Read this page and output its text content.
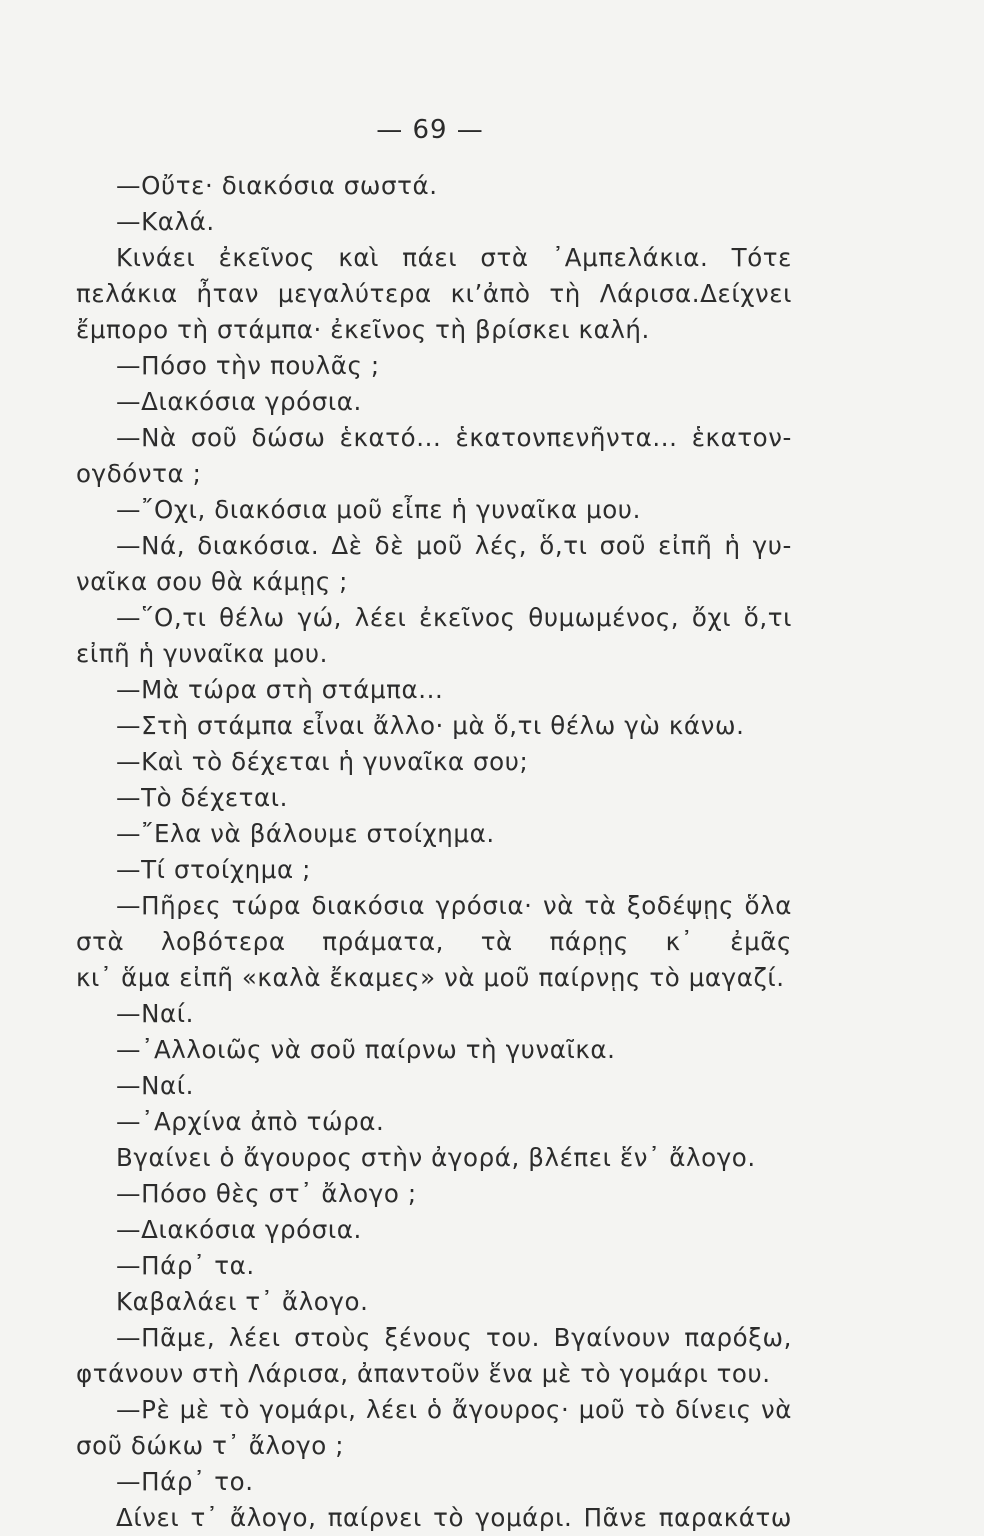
— 69 —
—Οὔτε· διακόσια σωστά.
—Καλά.
Κινάει ἐκεῖνος καὶ πάει στὰ ᾿Αμπελάκια. Τότε
πελάκια ἦταν μεγαλύτερα κι’ἀπὸ τὴ Λάρισα.Δείχνει
ἔμπορο τὴ στάμπα· ἐκεῖνος τὴ βρίσκει καλή.
—Πόσο τὴν πουλᾶς ;
—Διακόσια γρόσια.
—Νὰ σοῦ δώσω ἑκατό... ἑκατονπενῆντα... ἑκατον-
ογδόντα ;
—῎Οχι, διακόσια μοῦ εἶπε ἡ γυναῖκα μου.
—Νά, διακόσια. Δὲ δὲ μοῦ λές, ὅ,τι σοῦ εἰπῆ ἡ γυ-
ναῖκα σου θὰ κάμῃς ;
—῞Ο,τι θέλω γώ, λέει ἐκεῖνος θυμωμένος, ὄχι ὅ,τι
εἰπῆ ἡ γυναῖκα μου.
—Μὰ τώρα στὴ στάμπα...
—Στὴ στάμπα εἶναι ἄλλο· μὰ ὅ,τι θέλω γὼ κάνω.
—Καὶ τὸ δέχεται ἡ γυναῖκα σου;
—Τὸ δέχεται.
—῎Ελα νὰ βάλουμε στοίχημα.
—Τί στοίχημα ;
—Πῆρες τώρα διακόσια γρόσια· νὰ τὰ ξοδέψῃς ὅλα
στὰ λοβότερα πράματα, τὰ πάρῃς κ᾿ ἐμᾶς
κι᾿ ἅμα εἰπῆ «καλὰ ἔκαμες» νὰ μοῦ παίρνῃς τὸ μαγαζί.
—Ναί.
—᾿Αλλοιῶς νὰ σοῦ παίρνω τὴ γυναῖκα.
—Ναί.
—᾿Αρχίνα ἀπὸ τώρα.
Βγαίνει ὁ ἄγουρος στὴν ἀγορά, βλέπει ἕν᾿ ἄλογο.
—Πόσο θὲς στ᾿ ἄλογο ;
—Διακόσια γρόσια.
—Πάρ᾿ τα.
Καβαλάει τ᾿ ἄλογο.
—Πᾶμε, λέει στοὺς ξένους του. Βγαίνουν παρόξω,
φτάνουν στὴ Λάρισα, ἀπαντοῦν ἕνα μὲ τὸ γομάρι του.
—Ρὲ μὲ τὸ γομάρι, λέει ὁ ἄγουρος· μοῦ τὸ δίνεις νὰ
σοῦ δώκω τ᾿ ἄλογο ;
—Πάρ᾿ το.
Δίνει τ᾿ ἄλογο, παίρνει τὸ γομάρι. Πᾶνε παρακάτω
